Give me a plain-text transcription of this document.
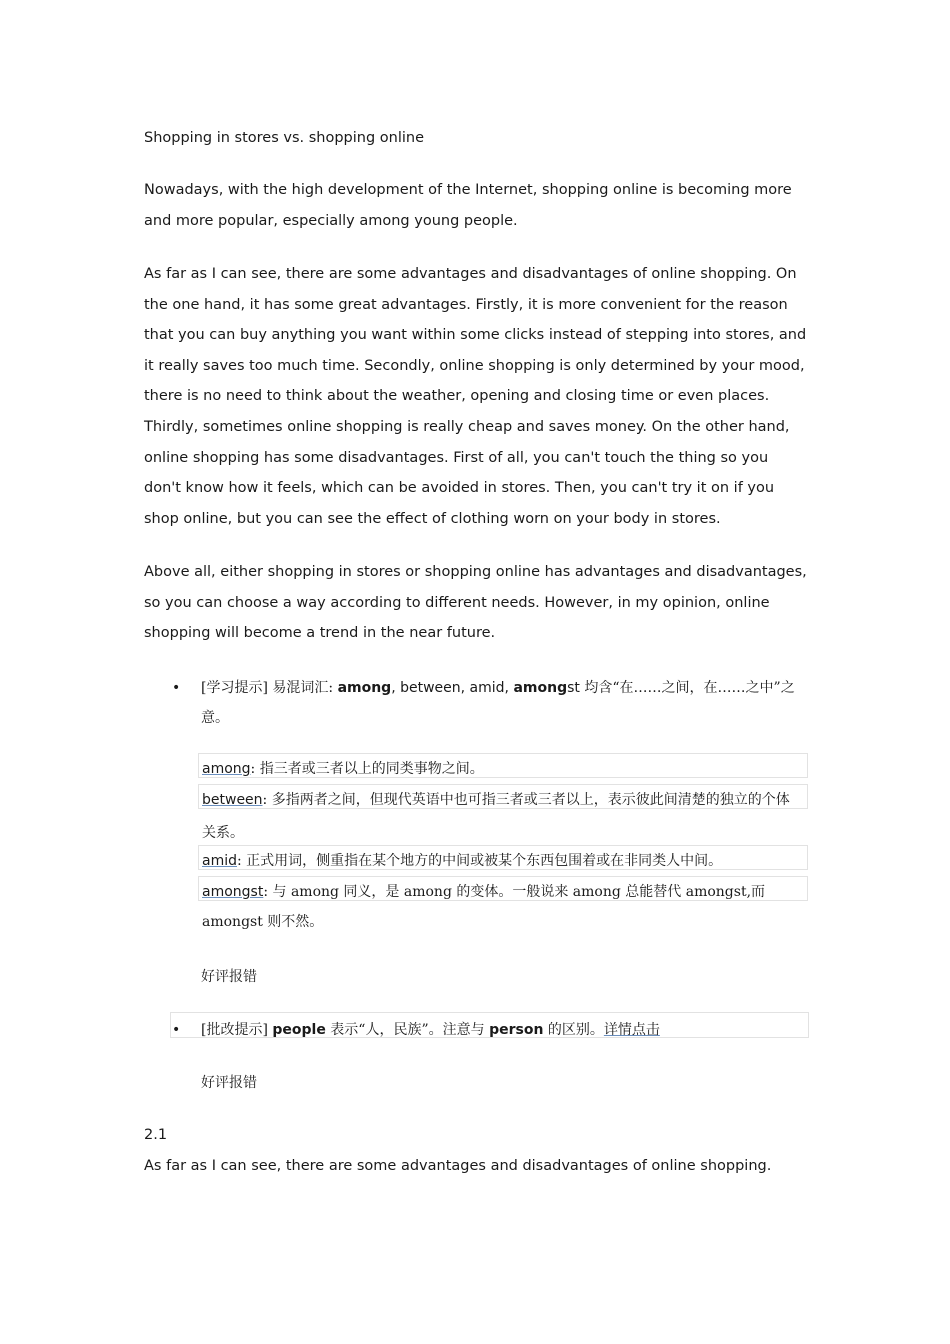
Shopping in stores vs. shopping online

Nowadays, with the high development of the Internet, shopping online is becoming more and more popular, especially among young people.

As far as I can see, there are some advantages and disadvantages of online shopping. On the one hand, it has some great advantages. Firstly, it is more convenient for the reason that you can buy anything you want within some clicks instead of stepping into stores, and it really saves too much time. Secondly, online shopping is only determined by your mood, there is no need to think about the weather, opening and closing time or even places. Thirdly, sometimes online shopping is really cheap and saves money. On the other hand, online shopping has some disadvantages. First of all, you can't touch the thing so you don't know how it feels, which can be avoided in stores. Then, you can't try it on if you shop online, but you can see the effect of clothing worn on your body in stores.

Above all, either shopping in stores or shopping online has advantages and disadvantages, so you can choose a way according to different needs. However, in my opinion, online shopping will become a trend in the near future.

• [学习提示] 易混词汇: among, between, amid, amongst 均含“在……之间，在……之中”之意。
among: 指三者或三者以上的同类事物之间。
between: 多指两者之间，但现代英语中也可指三者或三者以上，表示彼此间清楚的独立的个体
关系。
amid: 正式用词，侧重指在某个地方的中间或被某个东西包围着或在非同类人中间。
amongst: 与 among 同义，是 among 的变体。一般说来 among 总能替代 amongst,而
amongst 则不然。
好评报错
• [批改提示] people 表示“人，民族”。注意与 person 的区别。详情点击
好评报错

2.1

As far as I can see, there are some advantages and disadvantages of online shopping.
